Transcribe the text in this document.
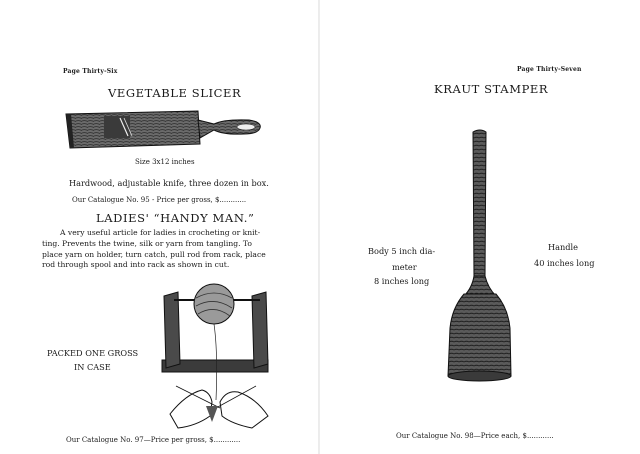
Page Thirty-Six
VEGETABLE SLICER
Size 3x12 inches
Hardwood, adjustable knife, three dozen in box.
Our Catalogue No. 95 - Price per gross, $............
LADIES' “HANDY MAN.”
A very useful article for ladies in crocheting or knit-
ting. Prevents the twine, silk or yarn from tangling. To
place yarn on holder, turn catch, pull rod from rack, place
rod through spool and into rack as shown in cut.
PACKED ONE GROSS
IN CASE
Our Catalogue No. 97—Price per gross, $............
Page Thirty-Seven
KRAUT STAMPER
Body 5 inch dia-
meter
8 inches long
Handle
40 inches long
Our Catalogue No. 98—Price each, $............
